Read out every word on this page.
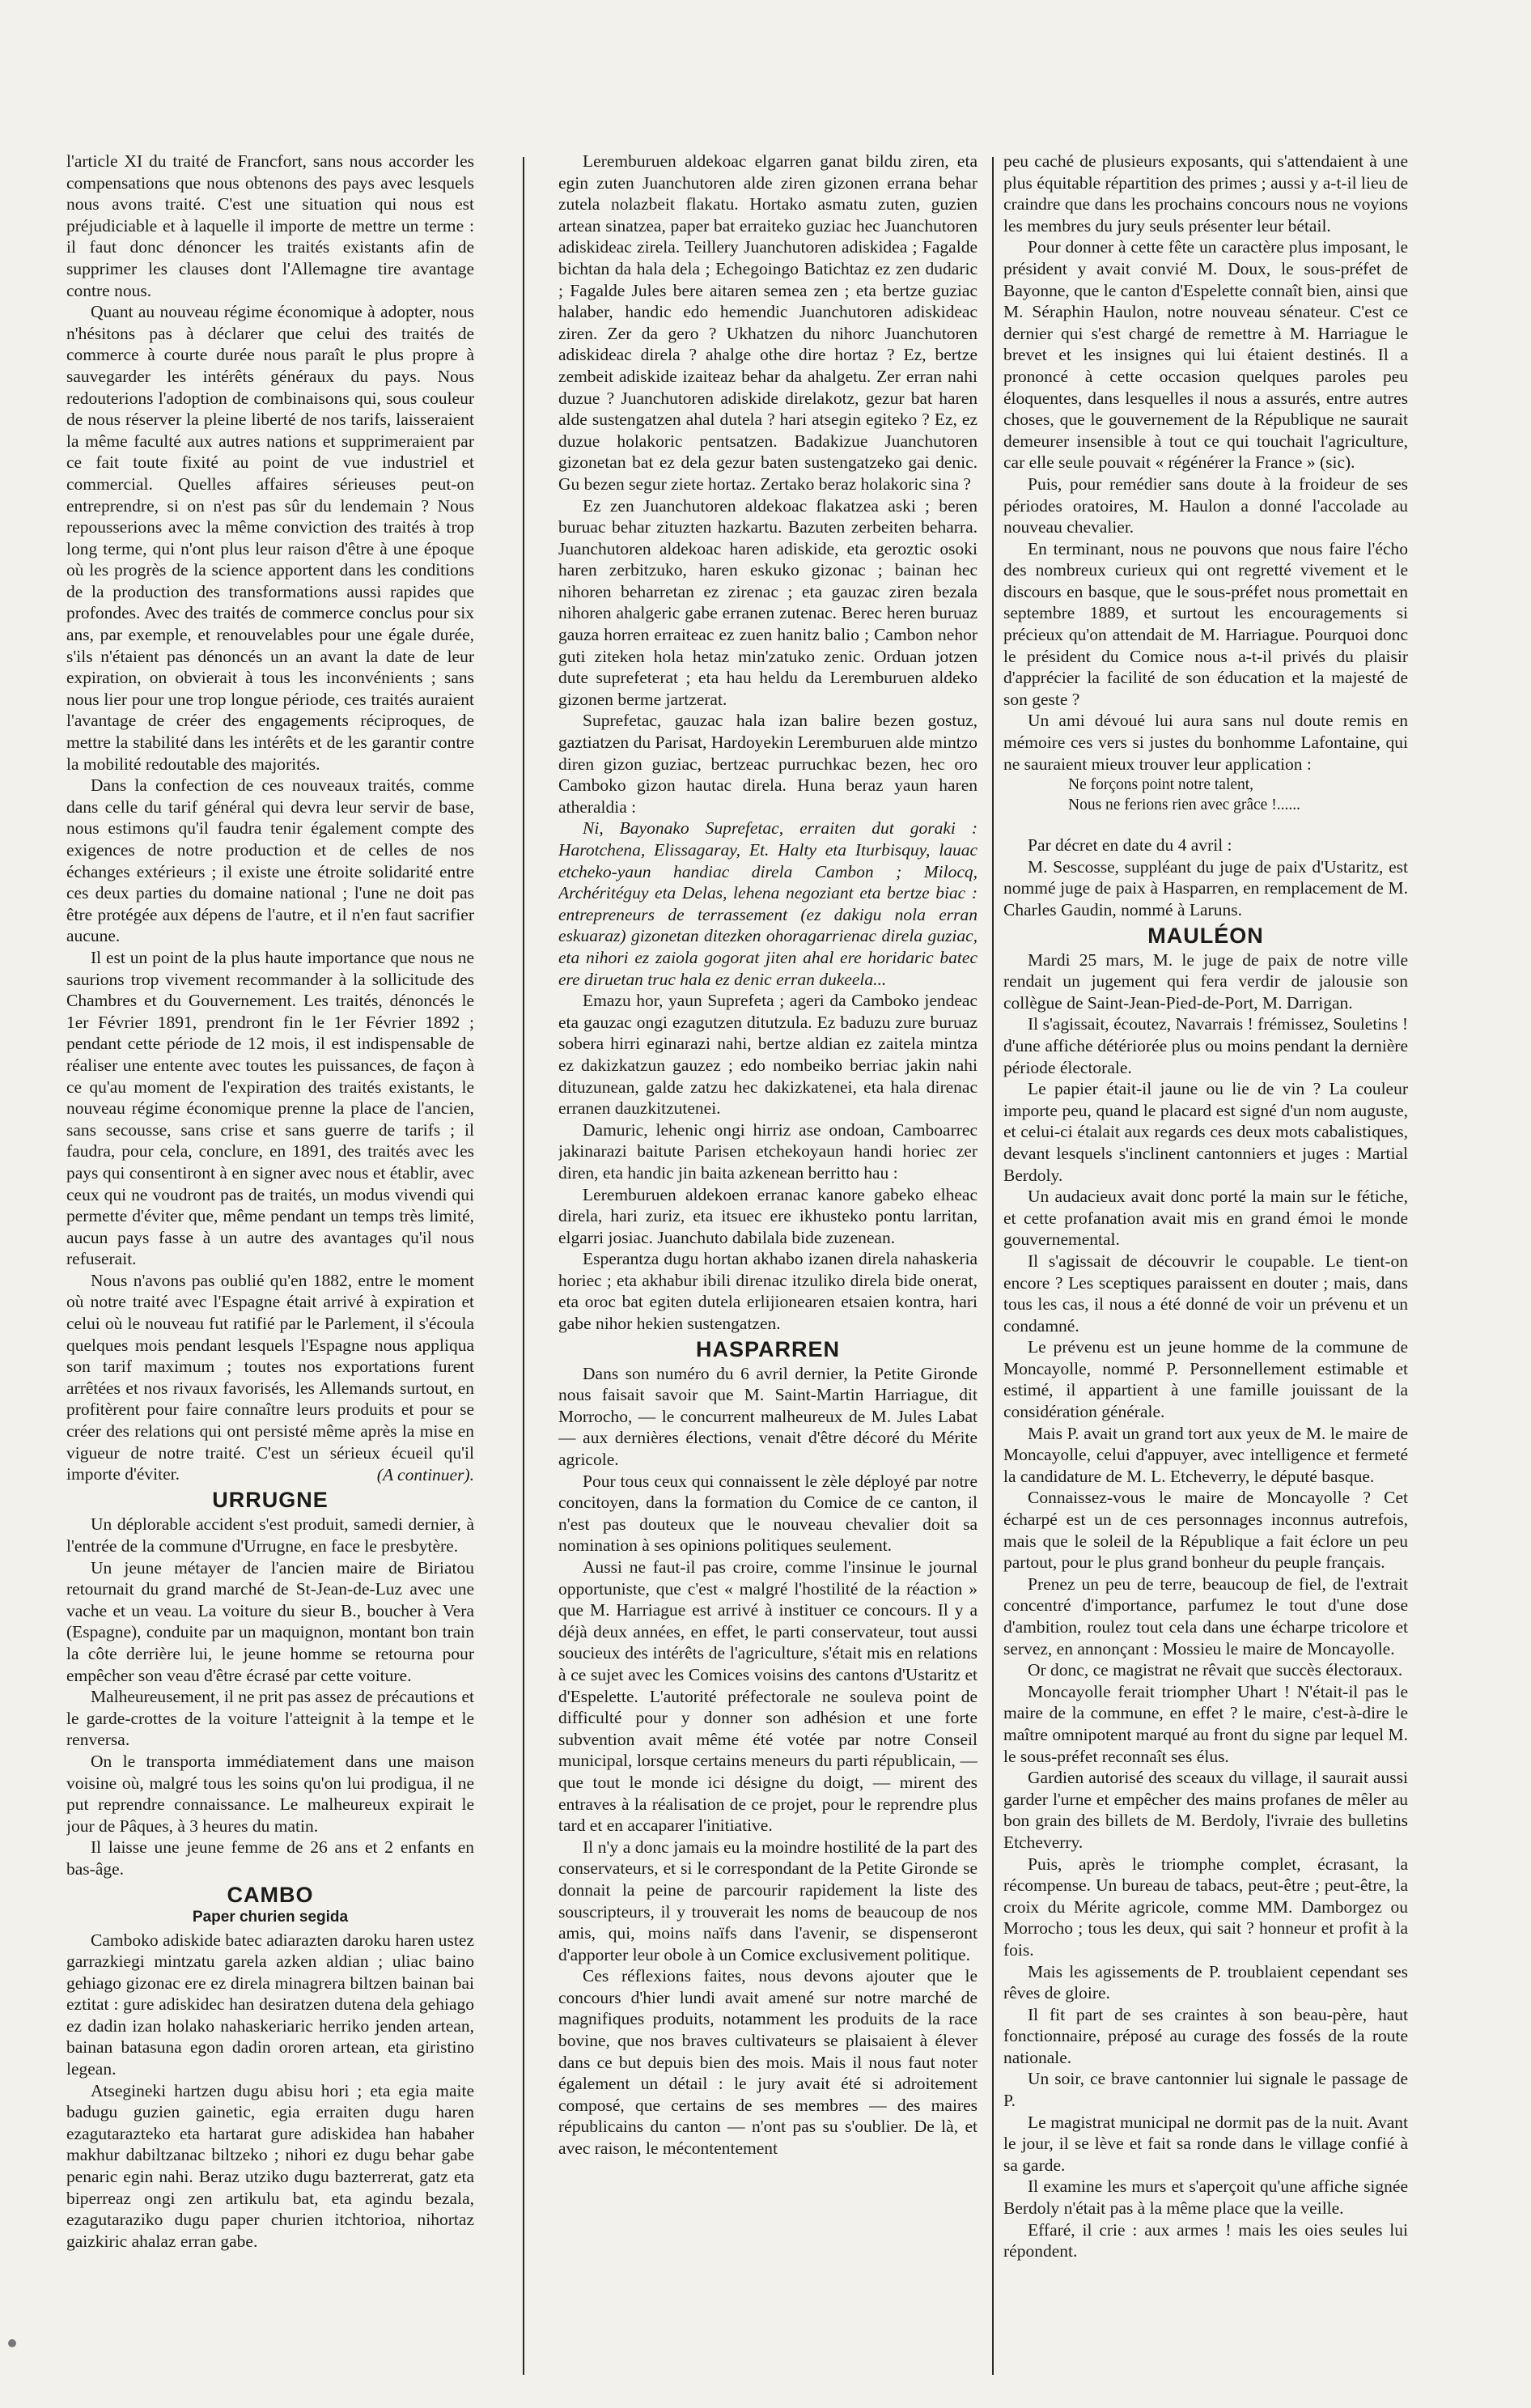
l'article XI du traité de Francfort, sans nous accorder les compensations que nous obtenons des pays avec lesquels nous avons traité. C'est une situation qui nous est préjudiciable et à laquelle il importe de mettre un terme : il faut donc dénoncer les traités existants afin de supprimer les clauses dont l'Allemagne tire avantage contre nous.

Quant au nouveau régime économique à adopter, nous n'hésitons pas à déclarer que celui des traités de commerce à courte durée nous paraît le plus propre à sauvegarder les intérêts généraux du pays. Nous redouterions l'adoption de combinaisons qui, sous couleur de nous réserver la pleine liberté de nos tarifs, laisseraient la même faculté aux autres nations et supprimeraient par ce fait toute fixité au point de vue industriel et commercial. Quelles affaires sérieuses peut-on entreprendre, si on n'est pas sûr du lendemain ? Nous repousserions avec la même conviction des traités à trop long terme, qui n'ont plus leur raison d'être à une époque où les progrès de la science apportent dans les conditions de la production des transformations aussi rapides que profondes. Avec des traités de commerce conclus pour six ans, par exemple, et renouvelables pour une égale durée, s'ils n'étaient pas dénoncés un an avant la date de leur expiration, on obvierait à tous les inconvénients ; sans nous lier pour une trop longue période, ces traités auraient l'avantage de créer des engagements réciproques, de mettre la stabilité dans les intérêts et de les garantir contre la mobilité redoutable des majorités.

Dans la confection de ces nouveaux traités, comme dans celle du tarif général qui devra leur servir de base, nous estimons qu'il faudra tenir également compte des exigences de notre production et de celles de nos échanges extérieurs ; il existe une étroite solidarité entre ces deux parties du domaine national ; l'une ne doit pas être protégée aux dépens de l'autre, et il n'en faut sacrifier aucune.

Il est un point de la plus haute importance que nous ne saurions trop vivement recommander à la sollicitude des Chambres et du Gouvernement. Les traités, dénoncés le 1er Février 1891, prendront fin le 1er Février 1892 ; pendant cette période de 12 mois, il est indispensable de réaliser une entente avec toutes les puissances, de façon à ce qu'au moment de l'expiration des traités existants, le nouveau régime économique prenne la place de l'ancien, sans secousse, sans crise et sans guerre de tarifs ; il faudra, pour cela, conclure, en 1891, des traités avec les pays qui consentiront à en signer avec nous et établir, avec ceux qui ne voudront pas de traités, un modus vivendi qui permette d'éviter que, même pendant un temps très limité, aucun pays fasse à un autre des avantages qu'il nous refuserait.

Nous n'avons pas oublié qu'en 1882, entre le moment où notre traité avec l'Espagne était arrivé à expiration et celui où le nouveau fut ratifié par le Parlement, il s'écoula quelques mois pendant lesquels l'Espagne nous appliqua son tarif maximum ; toutes nos exportations furent arrêtées et nos rivaux favorisés, les Allemands surtout, en profitèrent pour faire connaître leurs produits et pour se créer des relations qui ont persisté même après la mise en vigueur de notre traité. C'est un sérieux écueil qu'il importe d'éviter.	(A continuer).

URRUGNE

Un déplorable accident s'est produit, samedi dernier, à l'entrée de la commune d'Urrugne, en face le presbytère.

Un jeune métayer de l'ancien maire de Biriatou retournait du grand marché de St-Jean-de-Luz avec une vache et un veau. La voiture du sieur B., boucher à Vera (Espagne), conduite par un maquignon, montant bon train la côte derrière lui, le jeune homme se retourna pour empêcher son veau d'être écrasé par cette voiture.

Malheureusement, il ne prit pas assez de précautions et le garde-crottes de la voiture l'atteignit à la tempe et le renversa.

On le transporta immédiatement dans une maison voisine où, malgré tous les soins qu'on lui prodigua, il ne put reprendre connaissance. Le malheureux expirait le jour de Pâques, à 3 heures du matin.

Il laisse une jeune femme de 26 ans et 2 enfants en bas-âge.

CAMBO
Paper churien segida

Camboko adiskide batec adiarazten daroku haren ustez garrazkiegi mintzatu garela azken aldian ; uliac baino gehiago gizonac ere ez direla minagrera biltzen bainan bai eztitat : gure adiskidec han desiratzen dutena dela gehiago ez dadin izan holako nahaskeriaric herriko jenden artean, bainan batasuna egon dadin ororen artean, eta giristino legean.

Atsegineki hartzen dugu abisu hori ; eta egia maite badugu guzien gainetic, egia erraiten dugu haren ezagutarazteko eta hartarat gure adiskidea han habaher makhur dabiltzanac biltzeko ; nihori ez dugu behar gabe penaric egin nahi. Beraz utziko dugu bazterrerat, gatz eta biperreaz ongi zen artikulu bat, eta agindu bezala, ezagutaraziko dugu paper churien itchtorioa, nihortaz gaizkiric ahalaz erran gabe.

Leremburuen aldekoac elgarren ganat bildu ziren, eta egin zuten Juanchutoren alde ziren gizonen errana behar zutela nolazbeit flakatu. Hortako asmatu zuten, guzien artean sinatzea, paper bat erraiteko guziac hec Juanchutoren adiskideac zirela. Teillery Juanchutoren adiskidea ; Fagalde bichtan da hala dela ; Echegoingo Batichtaz ez zen dudaric ; Fagalde Jules bere aitaren semea zen ; eta bertze guziac halaber, handic edo hemendic Juanchutoren adiskideac ziren. Zer da gero ? Ukhatzen du nihorc Juanchutoren adiskideac direla ? ahalge othe dire hortaz ? Ez, bertze zembeit adiskide izaiteaz behar da ahalgetu. Zer erran nahi duzue ? Juanchutoren adiskide direlakotz, gezur bat haren alde sustengatzen ahal dutela ? hari atsegin egiteko ? Ez, ez duzue holakoric pentsatzen. Badakizue Juanchutoren gizonetan bat ez dela gezur baten sustengatzeko gai denic. Gu bezen segur ziete hortaz. Zertako beraz holakoric sina ?

Ez zen Juanchutoren aldekoac flakatzea aski ; beren buruac behar zituzten hazkartu. Bazuten zerbeiten beharra. Juanchutoren aldekoac haren adiskide, eta geroztic osoki haren zerbitzuko, haren eskuko gizonac ; bainan hec nihoren beharretan ez zirenac ; eta gauzac ziren bezala nihoren ahalgeric gabe erranen zutenac. Berec heren buruaz gauza horren erraiteac ez zuen hanitz balio ; Cambon nehor guti ziteken hola hetaz min'zatuko zenic. Orduan jotzen dute suprefeterat ; eta hau heldu da Leremburuen aldeko gizonen berme jartzerat.

Suprefetac, gauzac hala izan balire bezen gostuz, gaztiatzen du Parisat, Hardoyekin Leremburuen alde mintzo diren gizon guziac, bertzeac purruchkac bezen, hec oro Camboko gizon hautac direla. Huna beraz yaun haren atheraldia :

Ni, Bayonako Suprefetac, erraiten dut goraki : Harotchena, Elissagaray, Et. Halty eta Iturbisquy, lauac etcheko-yaun handiac direla Cambon ; Milocq, Archéritéguy eta Delas, lehena negoziant eta bertze biac : entrepreneurs de terrassement (ez dakigu nola erran eskuaraz) gizonetan ditezken ohoragarrienac direla guziac, eta nihori ez zaiola gogorat jiten ahal ere horidaric batec ere diruetan truc hala ez denic erran dukeela...

Emazu hor, yaun Suprefeta ; ageri da Camboko jendeac eta gauzac ongi ezagutzen ditutzula. Ez baduzu zure buruaz sobera hirri eginarazi nahi, bertze aldian ez zaitela mintza ez dakizkatzun gauzez ; edo nombeiko berriac jakin nahi dituzunean, galde zatzu hec dakizkatenei, eta hala direnac erranen dauzkitzutenei.

Damuric, lehenic ongi hirriz ase ondoan, Camboarrec jakinarazi baitute Parisen etchekoyaun handi horiec zer diren, eta handic jin baita azkenean berritto hau :

Leremburuen aldekoen erranac kanore gabeko elheac direla, hari zuriz, eta itsuec ere ikhusteko pontu larritan, elgarri josiac. Juanchuto dabilala bide zuzenean.

Esperantza dugu hortan akhabo izanen direla nahaskeria horiec ; eta akhabur ibili direnac itzuliko direla bide onerat, eta oroc bat egiten dutela erlijionearen etsaien kontra, hari gabe nihor hekien sustengatzen.

HASPARREN

Dans son numéro du 6 avril dernier, la Petite Gironde nous faisait savoir que M. Saint-Martin Harriague, dit Morrocho, — le concurrent malheureux de M. Jules Labat — aux dernières élections, venait d'être décoré du Mérite agricole.

Pour tous ceux qui connaissent le zèle déployé par notre concitoyen, dans la formation du Comice de ce canton, il n'est pas douteux que le nouveau chevalier doit sa nomination à ses opinions politiques seulement.

Aussi ne faut-il pas croire, comme l'insinue le journal opportuniste, que c'est « malgré l'hostilité de la réaction » que M. Harriague est arrivé à instituer ce concours. Il y a déjà deux années, en effet, le parti conservateur, tout aussi soucieux des intérêts de l'agriculture, s'était mis en relations à ce sujet avec les Comices voisins des cantons d'Ustaritz et d'Espelette. L'autorité préfectorale ne souleva point de difficulté pour y donner son adhésion et une forte subvention avait même été votée par notre Conseil municipal, lorsque certains meneurs du parti républicain, — que tout le monde ici désigne du doigt, — mirent des entraves à la réalisation de ce projet, pour le reprendre plus tard et en accaparer l'initiative.

Il n'y a donc jamais eu la moindre hostilité de la part des conservateurs, et si le correspondant de la Petite Gironde se donnait la peine de parcourir rapidement la liste des souscripteurs, il y trouverait les noms de beaucoup de nos amis, qui, moins naïfs dans l'avenir, se dispenseront d'apporter leur obole à un Comice exclusivement politique.

Ces réflexions faites, nous devons ajouter que le concours d'hier lundi avait amené sur notre marché de magnifiques produits, notamment les produits de la race bovine, que nos braves cultivateurs se plaisaient à élever dans ce but depuis bien des mois. Mais il nous faut noter également un détail : le jury avait été si adroitement composé, que certains de ses membres — des maires républicains du canton — n'ont pas su s'oublier. De là, et avec raison, le mécontentement

peu caché de plusieurs exposants, qui s'attendaient à une plus équitable répartition des primes ; aussi y a-t-il lieu de craindre que dans les prochains concours nous ne voyions les membres du jury seuls présenter leur bétail.

Pour donner à cette fête un caractère plus imposant, le président y avait convié M. Doux, le sous-préfet de Bayonne, que le canton d'Espelette connaît bien, ainsi que M. Séraphin Haulon, notre nouveau sénateur. C'est ce dernier qui s'est chargé de remettre à M. Harriague le brevet et les insignes qui lui étaient destinés. Il a prononcé à cette occasion quelques paroles peu éloquentes, dans lesquelles il nous a assurés, entre autres choses, que le gouvernement de la République ne saurait demeurer insensible à tout ce qui touchait l'agriculture, car elle seule pouvait « régénérer la France » (sic).

Puis, pour remédier sans doute à la froideur de ses périodes oratoires, M. Haulon a donné l'accolade au nouveau chevalier.

En terminant, nous ne pouvons que nous faire l'écho des nombreux curieux qui ont regretté vivement et le discours en basque, que le sous-préfet nous promettait en septembre 1889, et surtout les encouragements si précieux qu'on attendait de M. Harriague. Pourquoi donc le président du Comice nous a-t-il privés du plaisir d'apprécier la facilité de son éducation et la majesté de son geste ?

Un ami dévoué lui aura sans nul doute remis en mémoire ces vers si justes du bonhomme Lafontaine, qui ne sauraient mieux trouver leur application :

Ne forçons point notre talent,

Nous ne ferions rien avec grâce !......

Par décret en date du 4 avril :

M. Sescosse, suppléant du juge de paix d'Ustaritz, est nommé juge de paix à Hasparren, en remplacement de M. Charles Gaudin, nommé à Laruns.

MAULÉON

Mardi 25 mars, M. le juge de paix de notre ville rendait un jugement qui fera verdir de jalousie son collègue de Saint-Jean-Pied-de-Port, M. Darrigan.

Il s'agissait, écoutez, Navarrais ! frémissez, Souletins ! d'une affiche détériorée plus ou moins pendant la dernière période électorale.

Le papier était-il jaune ou lie de vin ? La couleur importe peu, quand le placard est signé d'un nom auguste, et celui-ci étalait aux regards ces deux mots cabalistiques, devant lesquels s'inclinent cantonniers et juges : Martial Berdoly.

Un audacieux avait donc porté la main sur le fétiche, et cette profanation avait mis en grand émoi le monde gouvernemental.

Il s'agissait de découvrir le coupable. Le tient-on encore ? Les sceptiques paraissent en douter ; mais, dans tous les cas, il nous a été donné de voir un prévenu et un condamné.

Le prévenu est un jeune homme de la commune de Moncayolle, nommé P. Personnellement estimable et estimé, il appartient à une famille jouissant de la considération générale.

Mais P. avait un grand tort aux yeux de M. le maire de Moncayolle, celui d'appuyer, avec intelligence et fermeté la candidature de M. L. Etcheverry, le député basque.

Connaissez-vous le maire de Moncayolle ? Cet écharpé est un de ces personnages inconnus autrefois, mais que le soleil de la République a fait éclore un peu partout, pour le plus grand bonheur du peuple français.

Prenez un peu de terre, beaucoup de fiel, de l'extrait concentré d'importance, parfumez le tout d'une dose d'ambition, roulez tout cela dans une écharpe tricolore et servez, en annonçant : Mossieu le maire de Moncayolle.

Or donc, ce magistrat ne rêvait que succès électoraux.

Moncayolle ferait triompher Uhart ! N'était-il pas le maire de la commune, en effet ? le maire, c'est-à-dire le maître omnipotent marqué au front du signe par lequel M. le sous-préfet reconnaît ses élus.

Gardien autorisé des sceaux du village, il saurait aussi garder l'urne et empêcher des mains profanes de mêler au bon grain des billets de M. Berdoly, l'ivraie des bulletins Etcheverry.

Puis, après le triomphe complet, écrasant, la récompense. Un bureau de tabacs, peut-être ; peut-être, la croix du Mérite agricole, comme MM. Damborgez ou Morrocho ; tous les deux, qui sait ? honneur et profit à la fois.

Mais les agissements de P. troublaient cependant ses rêves de gloire.

Il fit part de ses craintes à son beau-père, haut fonctionnaire, préposé au curage des fossés de la route nationale.

Un soir, ce brave cantonnier lui signale le passage de P.

Le magistrat municipal ne dormit pas de la nuit. Avant le jour, il se lève et fait sa ronde dans le village confié à sa garde.

Il examine les murs et s'aperçoit qu'une affiche signée Berdoly n'était pas à la même place que la veille.

Effaré, il crie : aux armes ! mais les oies seules lui répondent.
